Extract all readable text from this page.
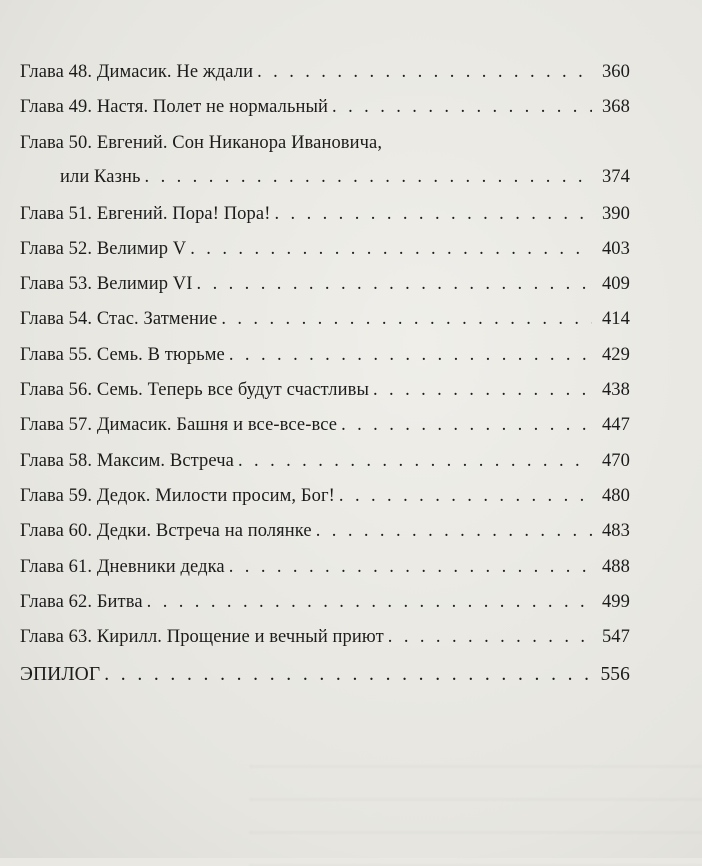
Глава 48. Димасик. Не ждали . . .	360
Глава 49. Настя. Полет не нормальный . . .	368
Глава 50. Евгений. Сон Никанора Ивановича,
или Казнь . . .	374
Глава 51. Евгений. Пора! Пора! . . .	390
Глава 52. Велимир V . . .	403
Глава 53. Велимир VI . . .	409
Глава 54. Стас. Затмение . . .	414
Глава 55. Семь. В тюрьме . . .	429
Глава 56. Семь. Теперь все будут счастливы . . .	438
Глава 57. Димасик. Башня и все-все-все . . .	447
Глава 58. Максим. Встреча . . .	470
Глава 59. Дедок. Милости просим, Бог! . . .	480
Глава 60. Дедки. Встреча на полянке . . .	483
Глава 61. Дневники дедка . . .	488
Глава 62. Битва . . .	499
Глава 63. Кирилл. Прощение и вечный приют . . .	547
ЭПИЛОГ . . .	556
